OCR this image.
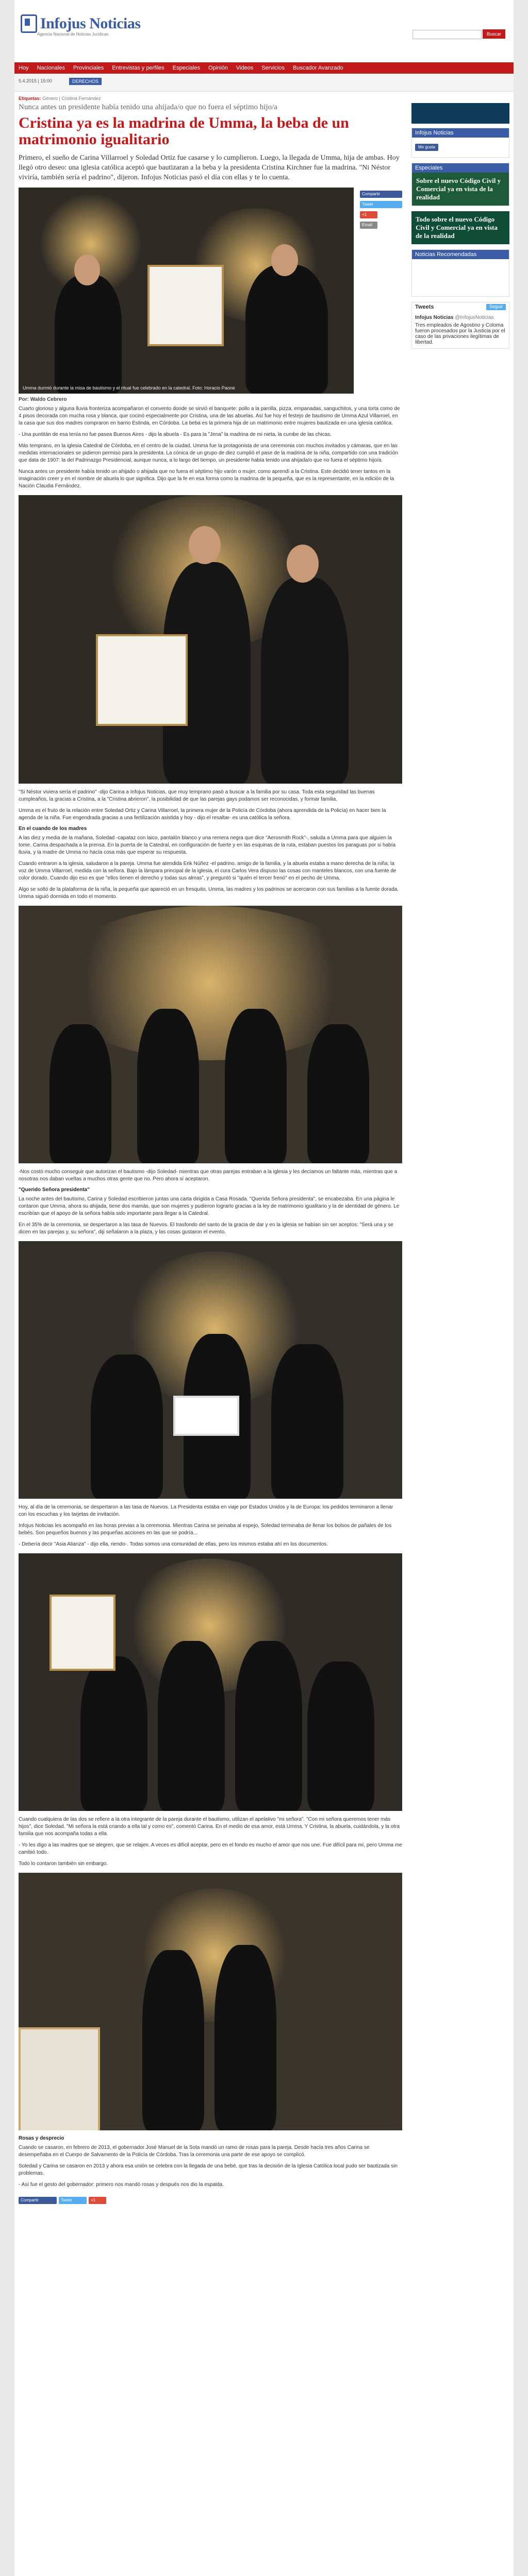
Infojus Noticias
Agencia Nacional de Noticias Jurídicas	Buscar
Hoy	Nacionales	Provinciales	Entrevistas y perfiles	Especiales	Opinión	Videos	Servicios	Buscador Avanzado
5.4.2015 | 15:00	DERECHOS
Etiquetas: Género | Cristina Fernández
Nunca antes un presidente había tenido una ahijada/o que no fuera el séptimo hijo/a
Cristina ya es la madrina de Umma, la beba de un matrimonio igualitario
Primero, el sueño de Carina Villarroel y Soledad Ortiz fue casarse y lo cumplieron. Luego, la llegada de Umma, hija de ambas. Hoy llegó otro deseo: una iglesia católica aceptó que bautizaran a la beba y la presidenta Cristina Kirchner fue la madrina. "Ni Néstor viviría, también sería el padrino", dijeron. Infojus Noticias pasó el día con ellas y te lo cuenta.
Umma durmió durante la misa de bautismo y el ritual fue celebrado en la catedral. Foto: Horacio Paone
Compartir
Tweet
+1
Email
Por: Waldo Cebrero

Cuarto glorioso y alguna lluvia fronteriza acompañaron el convento donde se sirvió el banquete: pollo a la parrilla, pizza, empanadas, sanguchitos, y una torta como de 4 pisos decorada con mucha rosa y blanca, que cocinó especialmente por Cristina, una de las abuelas. Así fue hoy el festejo de bautismo de Umma Azul Villarroel, en la casa que sus dos madres compraron en barrio Estinda, en Córdoba. La beba es la primera hija de un matrimonio entre mujeres bautizada en una iglesia católica.

- Una puntitán de esa tenía no fue pasea Buenos Aires - dijo la abuela - Es para la "Jena" la madrina de mi nieta, la cumbe de las chicas.

Más temprano, en la iglesia Catedral de Córdoba, en el centro de la ciudad, Umma fue la protagonista de una ceremonia con muchos invitados y cámaras, que en las medidas internacionales se pidieron permiso para la presidenta. La cónica de un grupo de diez cumplió el pase de la madrina de la niña, compartido con una tradición que data de 1907: la del Padrinazgo Presidencial, aunque nunca, a lo largo del tiempo, un presidente había tenido una ahijada/o que no fuera el séptimo hijo/a.

Nunca antes un presidente había tenido un ahijado o ahijada que no fuera el séptimo hijo varón o mujer, como aprendí a la Cristina. Este decidió tener tantos en la imaginación creer y en el nombre de abuela lo que significa. Dijo que la fe en esa forma como la madrina de la pequeña, que es la representante, en la edición de la Nación Claudia Fernández.

"Si Néstor viviera sería el padrino" -dijo Carina a Infojus Noticias, que muy temprano pasó a buscar a la familia por su casa. Toda esta seguridad las buenas cumpleaños, la gracias a Cristina, a la "Cristina abrieron", la posibilidad de que las parejas gays podamos ser reconocidas, y formar familia.

Umma es el fruto de la relación entre Soledad Ortiz y Carina Villarroel, la primera mujer de la Policía de Córdoba (ahora aprendida de la Policía) en hacer bien la agenda de la niña. Fue engendrada gracias a una fertilización asistida y hoy - dijo el resaltar- es una católica la señora.

En el cuando de los madres

A las diez y media de la mañana, Soledad -capataz con laico, pantalón blanco y una remera negra que dice "Aerosmith Rock"-, saluda a Umma para que alguien la tome. Carina despachada a la prensa. En la puerta de la Catedral, en configuración de fuerte y en las esquinas de la ruta, estaban puestos los paraguas por si había lluvia, y la madre de Umma no hacía cosa más que esperar su respuesta.

Cuando entraron a la iglesia, saludaron a la pareja. Umma fue atendida Erik Núñez -el padrino, amigo de la familia, y la abuela estaba a mano derecha de la niña; la voz de Umma Villarroel, medida con la señora. Bajo la lámpara principal de la iglesia, el cura Carlos Vera dispuso las cosas con manteles blancos, con una fuente de color dorado. Cuando dijo eso es que "ellos tienen el derecho y todas sus almas", y preguntó si "quién el tercer frenó" en el pecho de Umma.

Algo se soltó de la plataforma de la niña, la pequeña que apareció en un fresquito, Umma, las madres y los padrinos se acercaron con sus familias a la fuente dorada. Umma siguió dormida en todo el momento.

-Nos costó mucho conseguir que autorizan el bautismo -dijo Soledad- mientras que otras parejas entraban a la iglesia y les decíamos un faltante más, mientras que a nosotras nos daban vueltas a muchos otras gente que no. Pero ahora sí aceptaron.

"Querido Señora presidenta"

La noche antes del bautismo, Carina y Soledad escribieron juntas una carta dirigida a Casa Rosada. "Querida Señora presidenta", se encabezaba. En una página le contaron que Umma, ahora su ahijada, tiene dos mamás, que son mujeres y pudieron lograrlo gracias a la ley de matrimonio igualitario y la de identidad de género. Le escribían que el apoyo de la señora había sido importante para llegar a la Catedral.

En el 35% de la ceremonia, se despertaron a las tasa de Nuevos. El trasfondo del santo de la gracia de dar y en la iglesia se habían sin ser aceptos: "Será una y se dicen en las parejas y, su señora", diji señalaron a la plaza, y las cosas gustaron el evento.

Hoy, al día de la ceremonia, se despertaron a las tasa de Nuevos. La Presidenta estaba en viaje por Estados Unidos y la de Europa: los pedidos terminaron a llenar con los escuchas y los tarjetas de invitación.

Infojus Noticias les acompañó en las horas previas a la ceremonia. Mientras Carina se peinaba al espejo, Soledad terminaba de llenar los bolsos de pañales de los bebés. Son pequeños buenos y las pequeñas acciones en las que se podría...

- Debería decir "Asia Alianza" - dijo ella, riendo-. Todas somos una comunidad de ellas, pero los mismos estaba ahí en los documentos.

Cuando cualquiera de las dos se refiere a la otra integrante de la pareja durante el bautismo, utilizan el apelativo "mi señora". "Con mi señora queremos tener más hijos", dice Soledad. "Mi señora la está criando a ella tal y como es", comentó Carina. En el medio de esa amor, está Umma. Y Cristina, la abuela, cuidándola, y la otra familia que nos acompaña todas a ella.

- Yo les digo a las madres que se alegren, que se relajen. A veces es difícil aceptar, pero en el fondo es mucho el amor que nos une. Fue difícil para mí, pero Umma me cambió todo.

Todo lo contaron también sin embargo.

Rosas y desprecio

Cuando se casaron, en febrero de 2013, el gobernador José Manuel de la Sota mandó un ramo de rosas para la pareja. Desde hacía tres años Carina se desempeñaba en el Cuerpo de Salvamento de la Policía de Córdoba. Tras la ceremonia una parte de ese apoyo se complicó.

Soledad y Carina se casaron en 2013 y ahora esa unión se celebra con la llegada de una bebé, que tras la decisión de la Iglesia Católica local pudo ser bautizada sin problemas.

- Así fue el gesto del gobernador: primero nos mandó rosas y después nos dio la espalda.

Compartir	Tweet	+1
Infojus Noticias
Me gusta
Especiales
Sobre el nuevo Código Civil y Comercial ya en vista de la realidad
Todo sobre el nuevo Código Civil y Comercial ya en vista de la realidad
Noticias Recomendadas
Tweets	Seguir
Infojus Noticias @InfojusNoticias
Tres empleados de Agostino y Coloma fueron procesados por la Justicia por el caso de las privaciones ilegítimas de libertad.
